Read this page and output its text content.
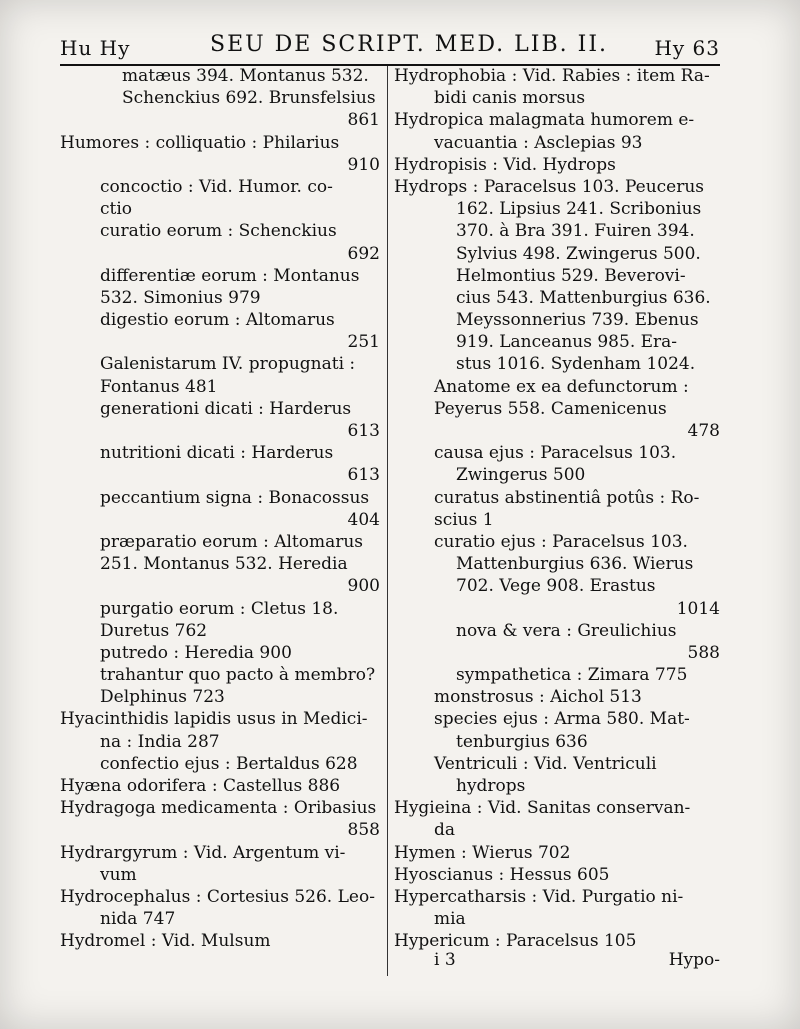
Hu Hy	SEU DE SCRIPT. MED. LIB. II. Hy 63
matæus 394. Montanus 532.
Schenckius 692. Brunsfelsius
861
Humores : colliquatio : Philarius
910
concoctio : Vid. Humor. co-
ctio
curatio eorum : Schenckius
692
differentiæ eorum : Montanus
532. Simonius 979
digestio eorum : Altomarus
251
Galenistarum IV. propugnati :
Fontanus 481
generationi dicati : Harderus
613
nutritioni dicati : Harderus
613
peccantium signa : Bonacossus
404
præparatio eorum : Altomarus
251. Montanus 532. Heredia
900
purgatio eorum : Cletus 18.
Duretus 762
putredo : Heredia 900
trahantur quo pacto à membro?
Delphinus 723
Hyacinthidis lapidis usus in Medici-
na : India 287
confectio ejus : Bertaldus 628
Hyæna odorifera : Castellus 886
Hydragoga medicamenta : Oribasius
858
Hydrargyrum : Vid. Argentum vi-
vum
Hydrocephalus : Cortesius 526. Leo-
nida 747
Hydromel : Vid. Mulsum
Hydrophobia : Vid. Rabies : item Ra-
bidi canis morsus
Hydropica malagmata humorem e-
vacuantia : Asclepias 93
Hydropisis : Vid. Hydrops
Hydrops : Paracelsus 103. Peucerus
162. Lipsius 241. Scribonius
370. à Bra 391. Fuiren 394.
Sylvius 498. Zwingerus 500.
Helmontius 529. Beverovi-
cius 543. Mattenburgius 636.
Meyssonnerius 739. Ebenus
919. Lanceanus 985. Era-
stus 1016. Sydenham 1024.
Anatome ex ea defunctorum :
Peyerus 558. Camenicenus
478
causa ejus : Paracelsus 103.
Zwingerus 500
curatus abstinentiâ potûs : Ro-
scius 1
curatio ejus : Paracelsus 103.
Mattenburgius 636. Wierus
702. Vege 908. Erastus
1014
nova & vera : Greulichius
588
sympathetica : Zimara 775
monstrosus : Aichol 513
species ejus : Arma 580. Mat-
tenburgius 636
Ventriculi : Vid. Ventriculi
hydrops
Hygieina : Vid. Sanitas conservan-
da
Hymen : Wierus 702
Hyoscianus : Hessus 605
Hypercatharsis : Vid. Purgatio ni-
mia
Hypericum : Paracelsus 105
i 3	Hypo-
